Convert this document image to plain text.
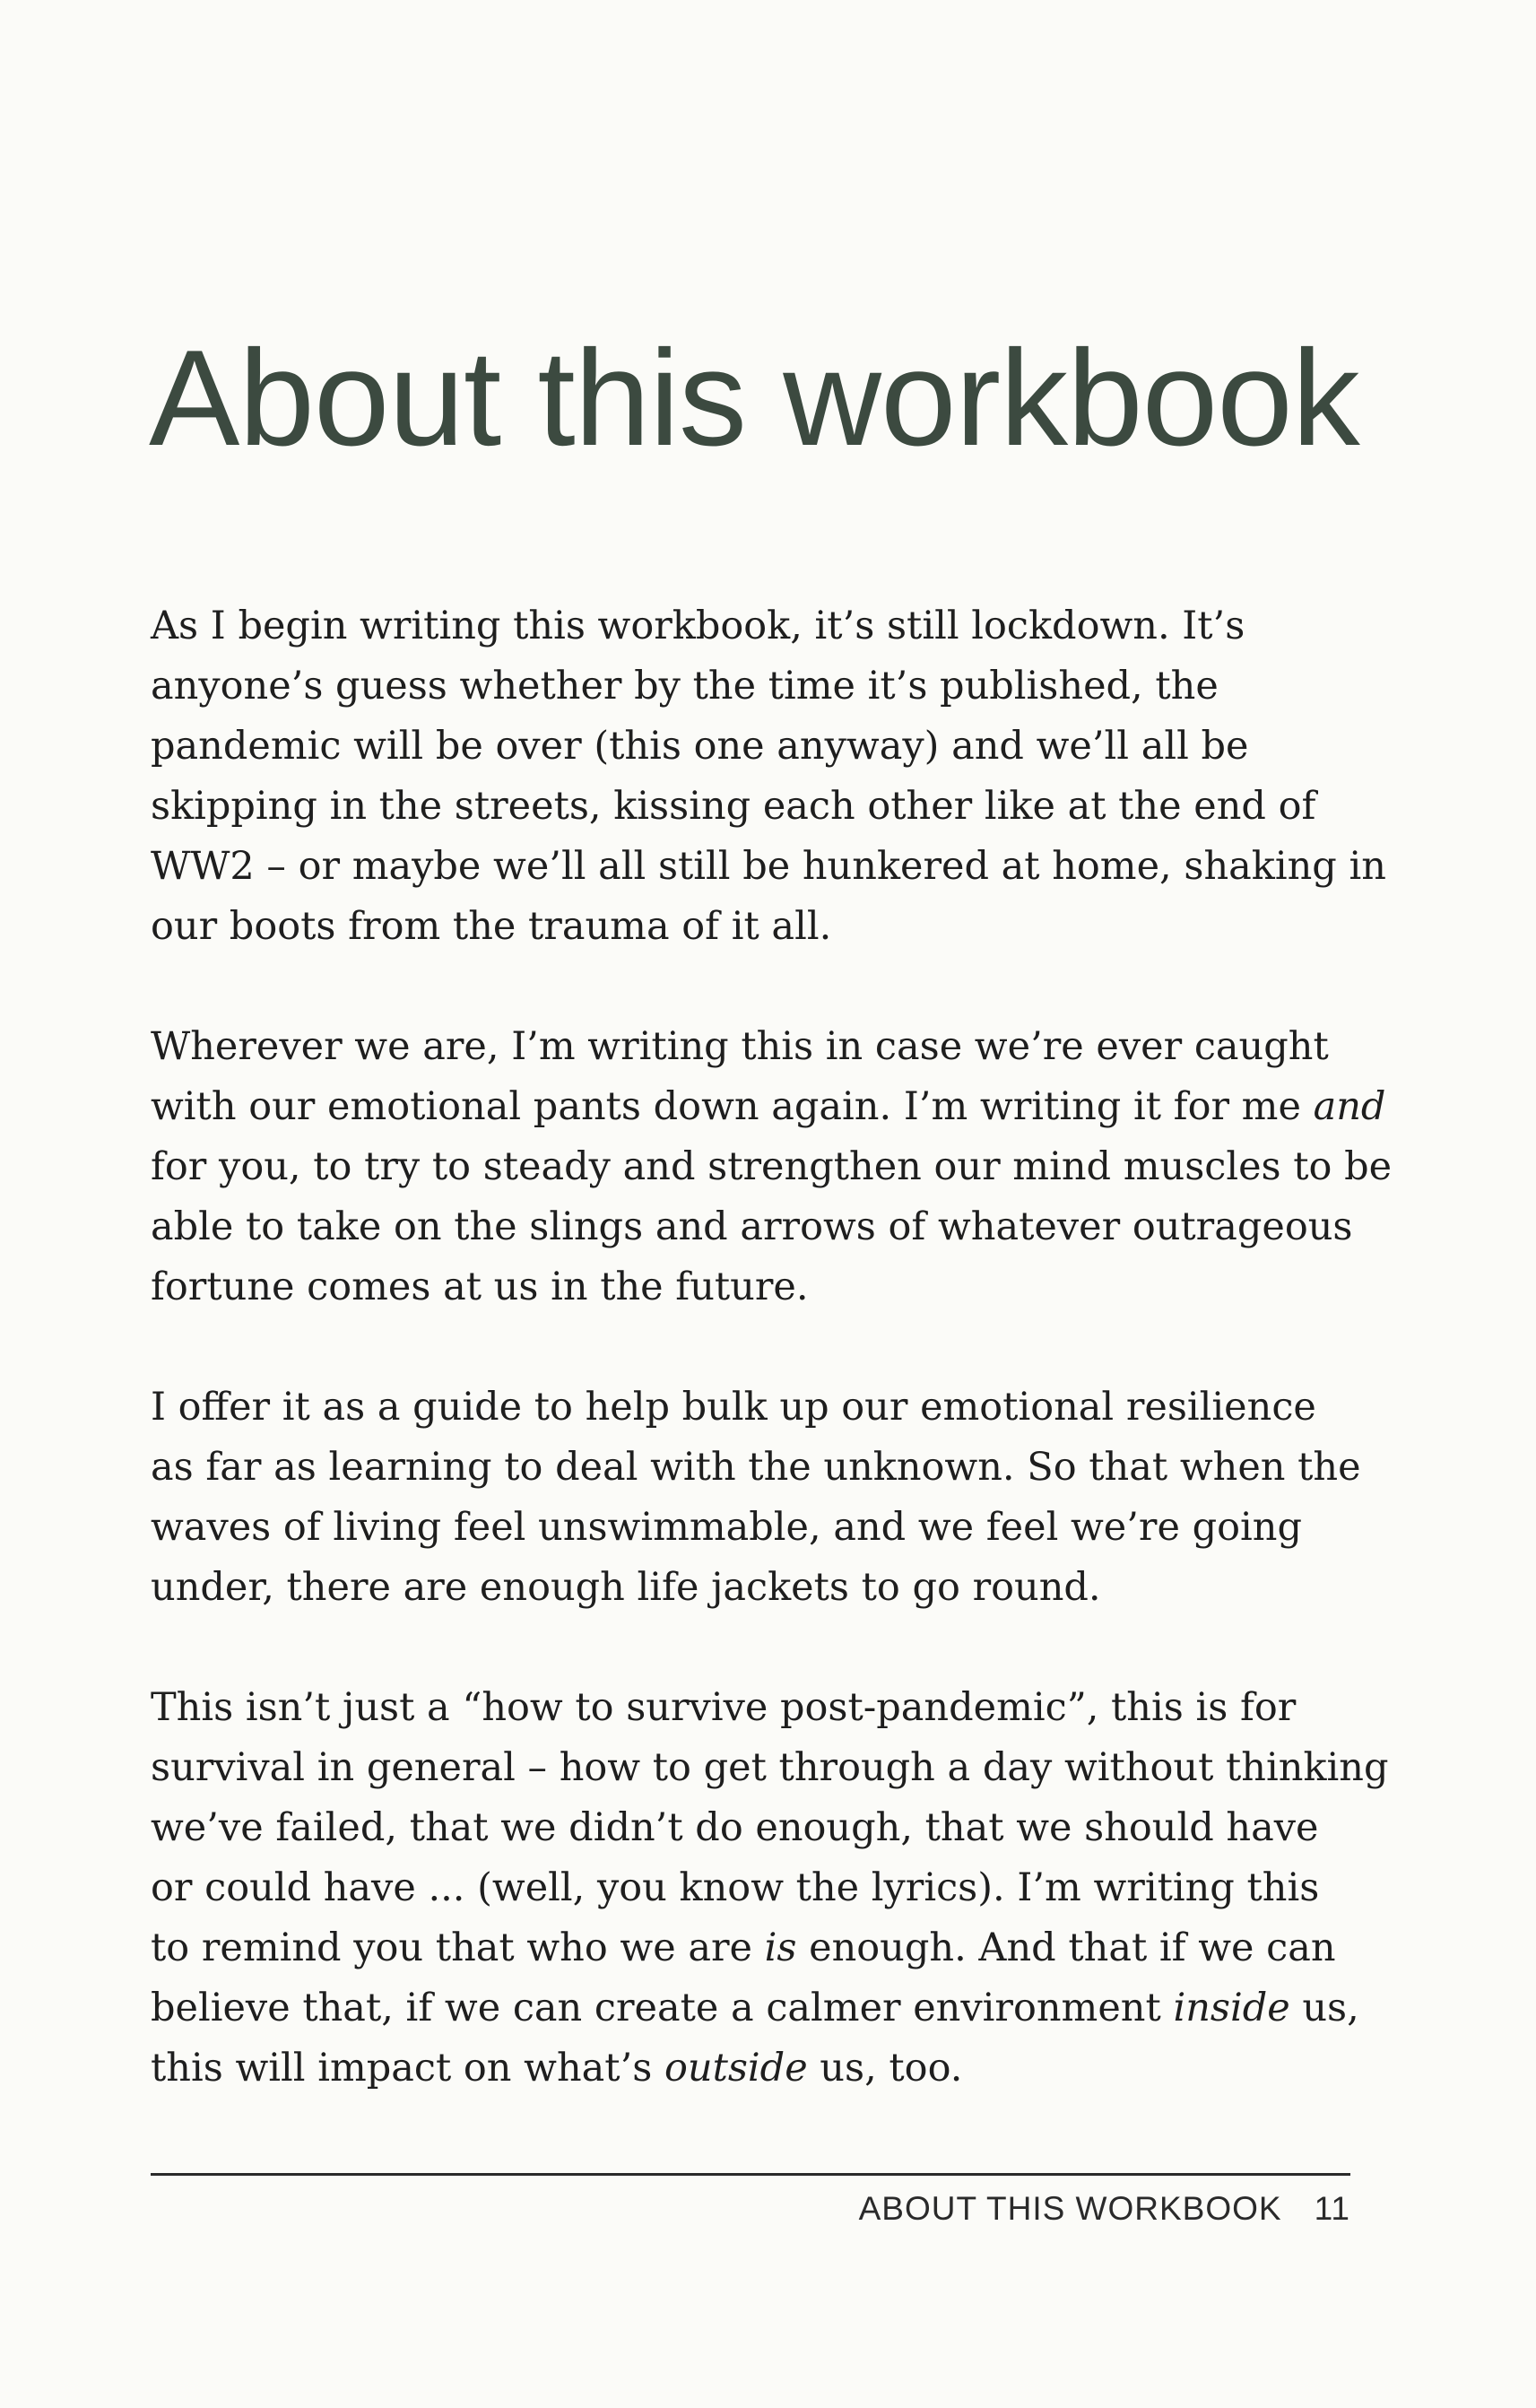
About this workbook

As I begin writing this workbook, it’s still lockdown. It’s
anyone’s guess whether by the time it’s published, the
pandemic will be over (this one anyway) and we’ll all be
skipping in the streets, kissing each other like at the end of
WW2 – or maybe we’ll all still be hunkered at home, shaking in
our boots from the trauma of it all.

Wherever we are, I’m writing this in case we’re ever caught
with our emotional pants down again. I’m writing it for me and
for you, to try to steady and strengthen our mind muscles to be
able to take on the slings and arrows of whatever outrageous
fortune comes at us in the future.

I offer it as a guide to help bulk up our emotional resilience
as far as learning to deal with the unknown. So that when the
waves of living feel unswimmable, and we feel we’re going
under, there are enough life jackets to go round.

This isn’t just a “how to survive post-pandemic”, this is for
survival in general – how to get through a day without thinking
we’ve failed, that we didn’t do enough, that we should have
or could have ... (well, you know the lyrics). I’m writing this
to remind you that who we are is enough. And that if we can
believe that, if we can create a calmer environment inside us,
this will impact on what’s outside us, too.

ABOUT THIS WORKBOOK 11
